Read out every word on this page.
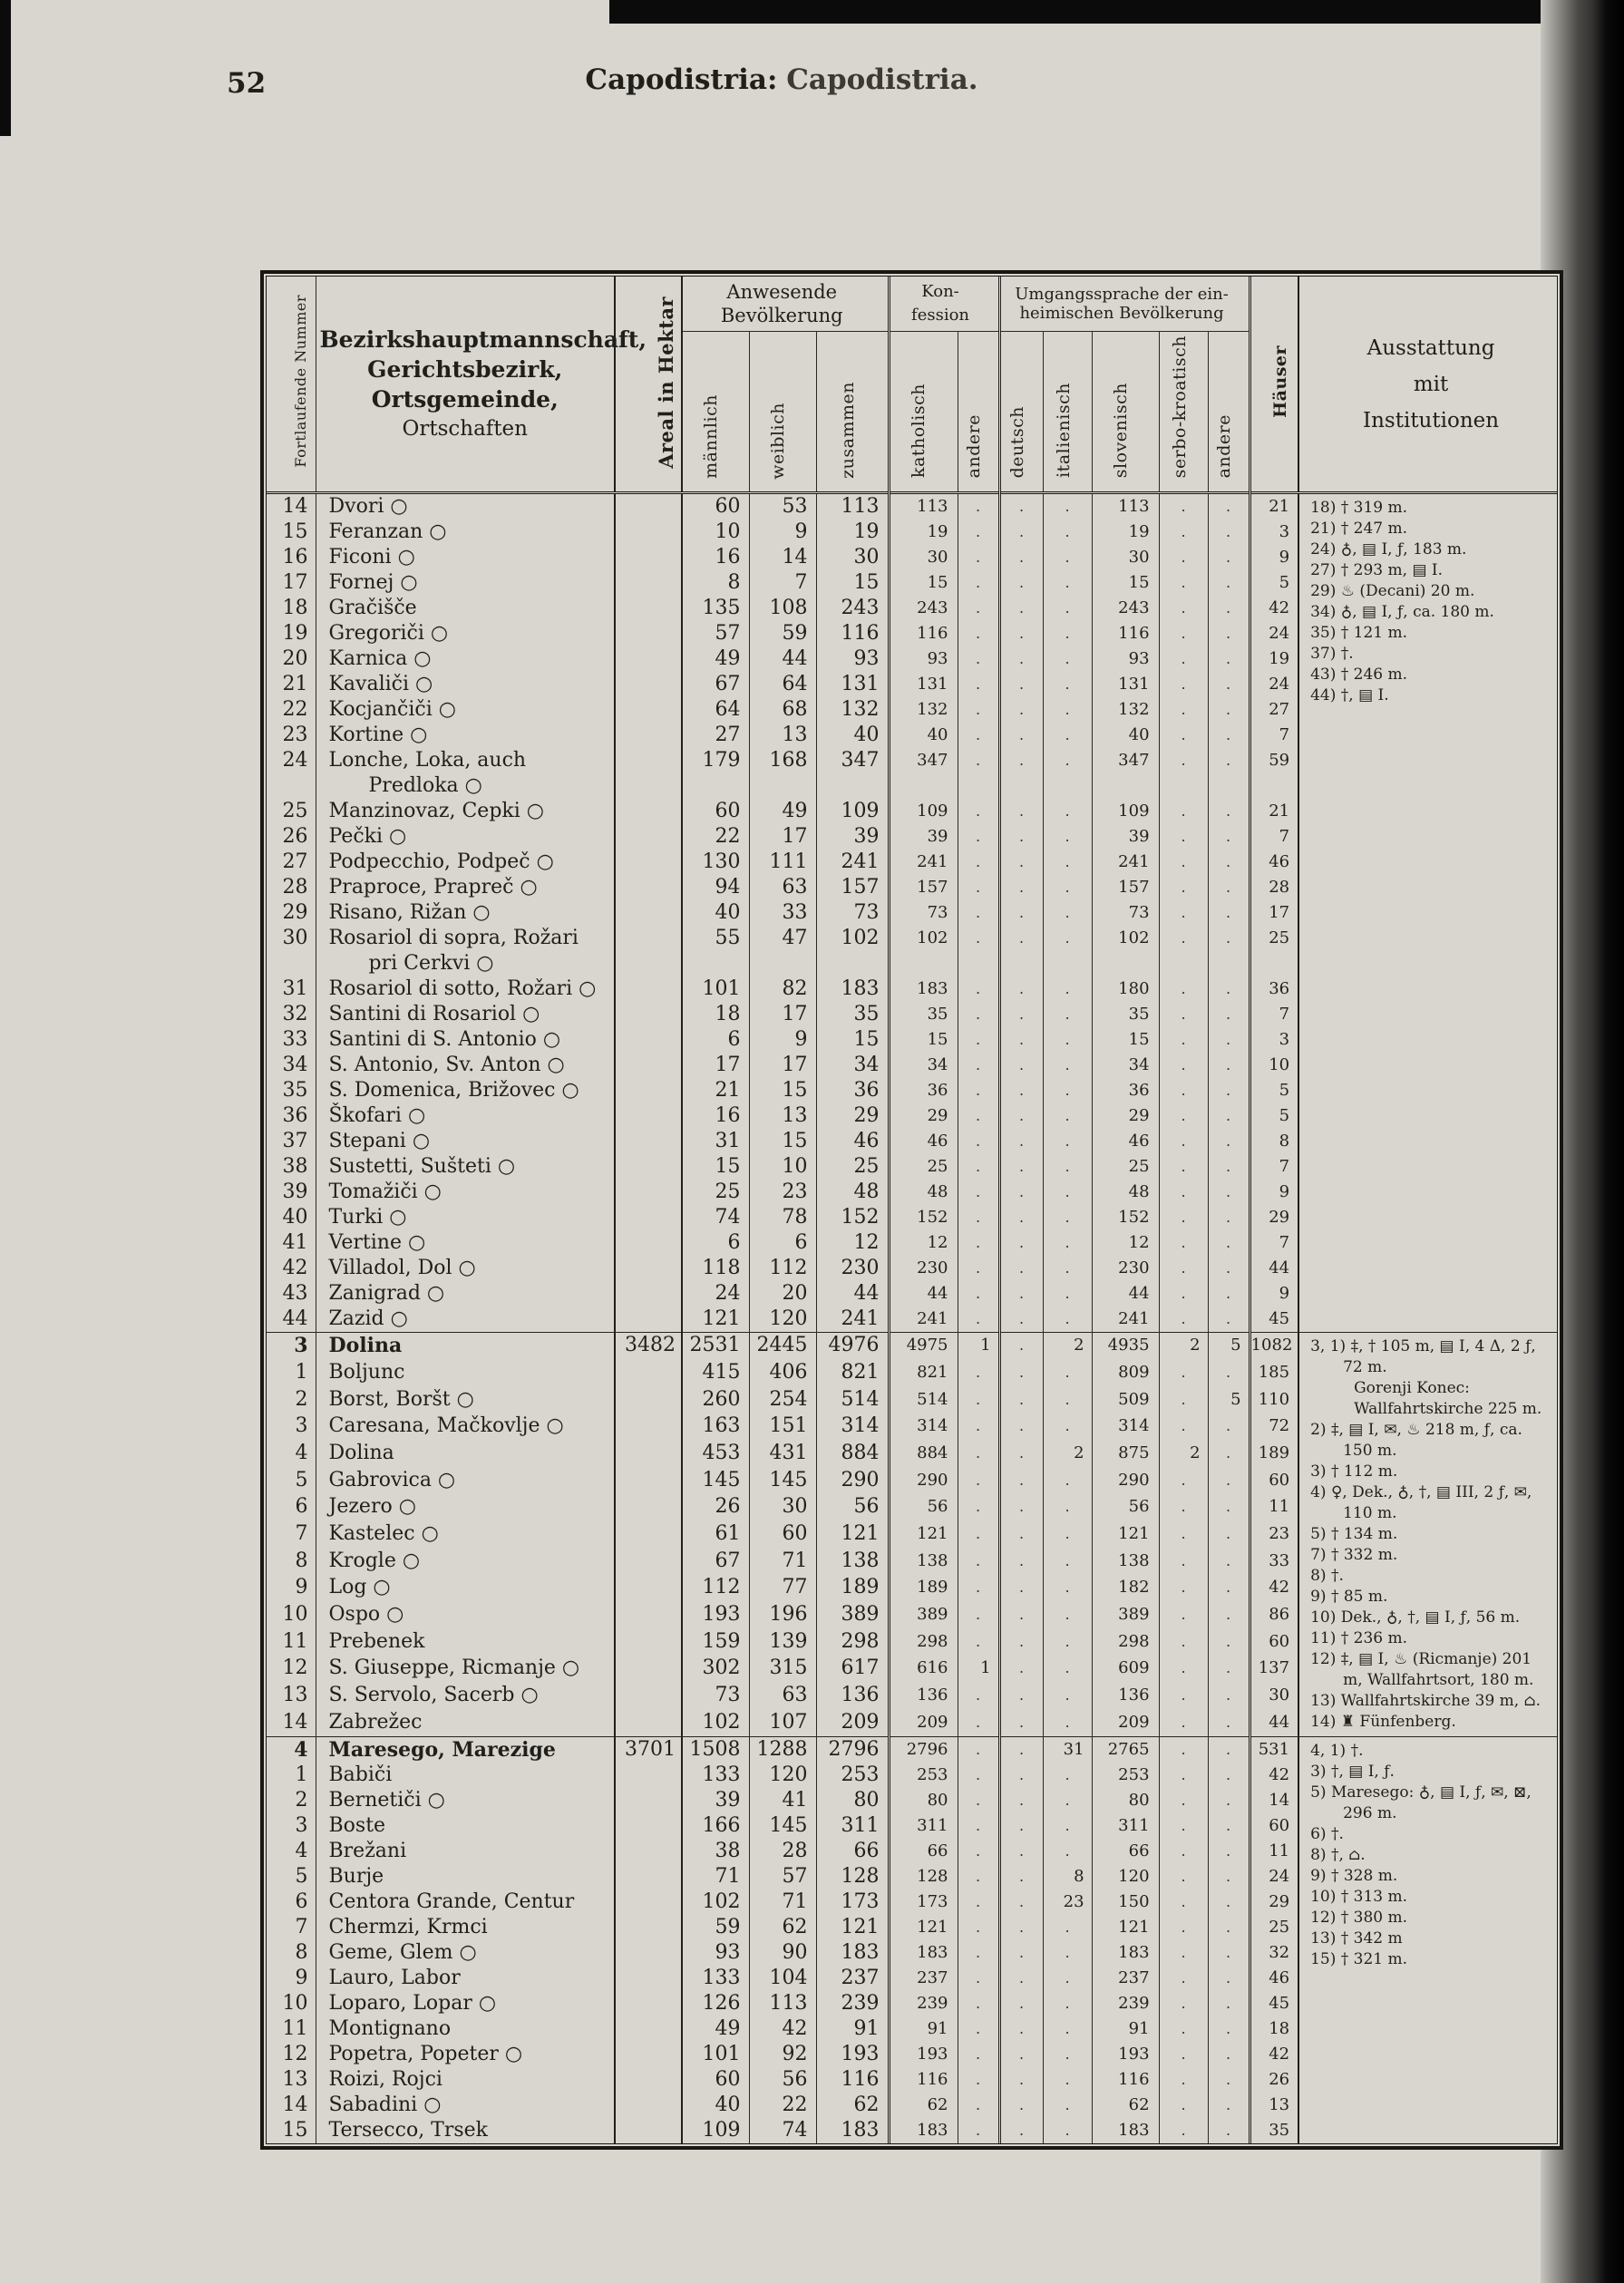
52	Capodistria: Capodistria.
Fortlaufende Nummer	Bezirkshauptmannschaft,
Gerichtsbezirk,
Ortsgemeinde,
Ortschaften	Areal in Hektar	
Anwesende
Bevölkerung

Kon-
fession

Umgangssprache der ein-
heimischen Bevölkerung
	Häuser	Ausstattung
mit
Institutionen

			männlich	weiblich	zusammen	katholisch	andere	deutsch	italienisch	slovenisch	serbo-kroatisch	andere		
14	Dvori ○		60	53	113	113	.	.	.	113	.	.	21	18) † 319 m.
21) † 247 m.
24) ♁, ▤ I, ƒ, 183 m.
27) † 293 m, ▤ I.
29) ♨ (Decani) 20 m.
34) ♁, ▤ I, ƒ, ca. 180 m.
35) † 121 m.
37) †.
43) † 246 m.
44) †, ▤ I.

15	Feranzan ○		10	9	19	19	.	.	.	19	.	.	3	
16	Ficoni ○		16	14	30	30	.	.	.	30	.	.	9	
17	Fornej ○		8	7	15	15	.	.	.	15	.	.	5	
18	Gračišče		135	108	243	243	.	.	.	243	.	.	42	
19	Gregoriči ○		57	59	116	116	.	.	.	116	.	.	24	
20	Karnica ○		49	44	93	93	.	.	.	93	.	.	19	
21	Kavaliči ○		67	64	131	131	.	.	.	131	.	.	24	
22	Kocjančiči ○		64	68	132	132	.	.	.	132	.	.	27	
23	Kortine ○		27	13	40	40	.	.	.	40	.	.	7	
24	Lonche, Loka, auch Predloka ○		179	168	347	347	.	.	.	347	.	.	59	
25	Manzinovaz, Cepki ○		60	49	109	109	.	.	.	109	.	.	21	
26	Pečki ○		22	17	39	39	.	.	.	39	.	.	7	
27	Podpecchio, Podpeč ○		130	111	241	241	.	.	.	241	.	.	46	
28	Praproce, Prapreč ○		94	63	157	157	.	.	.	157	.	.	28	
29	Risano, Rižan ○		40	33	73	73	.	.	.	73	.	.	17	
30	Rosariol di sopra, Rožari pri Cerkvi ○		55	47	102	102	.	.	.	102	.	.	25	
31	Rosariol di sotto, Rožari ○		101	82	183	183	.	.	.	180	.	.	36	
32	Santini di Rosariol ○		18	17	35	35	.	.	.	35	.	.	7	
33	Santini di S. Antonio ○		6	9	15	15	.	.	.	15	.	.	3	
34	S. Antonio, Sv. Anton ○		17	17	34	34	.	.	.	34	.	.	10	
35	S. Domenica, Brižovec ○		21	15	36	36	.	.	.	36	.	.	5	
36	Škofari ○		16	13	29	29	.	.	.	29	.	.	5	
37	Stepani ○		31	15	46	46	.	.	.	46	.	.	8	
38	Sustetti, Sušteti ○		15	10	25	25	.	.	.	25	.	.	7	
39	Tomažiči ○		25	23	48	48	.	.	.	48	.	.	9	
40	Turki ○		74	78	152	152	.	.	.	152	.	.	29	
41	Vertine ○		6	6	12	12	.	.	.	12	.	.	7	
42	Villadol, Dol ○		118	112	230	230	.	.	.	230	.	.	44	
43	Zanigrad ○		24	20	44	44	.	.	.	44	.	.	9	
44	Zazid ○		121	120	241	241	.	.	.	241	.	.	45	
3	Dolina	3482	2531	2445	4976	4975	1	.	2	4935	2	5	1082	3, 1) ‡, † 105 m, ▤ I, 4 Δ, 2 ƒ, 72 m.
Gorenji Konec: Wallfahrtskirche 225 m.
2) ‡, ▤ I, ✉, ♨ 218 m, ƒ, ca. 150 m.
3) † 112 m.
4) ♀, Dek., ♁, †, ▤ III, 2 ƒ, ✉, 110 m.
5) † 134 m.
7) † 332 m.
8) †.
9) † 85 m.
10) Dek., ♁, †, ▤ I, ƒ, 56 m.
11) † 236 m.
12) ‡, ▤ I, ♨ (Ricmanje) 201 m, Wallfahrtsort, 180 m.
13) Wallfahrtskirche 39 m, ⌂.
14) ♜ Fünfenberg.

1	Boljunc		415	406	821	821	.	.	.	809	.	.	185	
2	Borst, Boršt ○		260	254	514	514	.	.	.	509	.	5	110	
3	Caresana, Mačkovlje ○		163	151	314	314	.	.	.	314	.	.	72	
4	Dolina		453	431	884	884	.	.	2	875	2	.	189	
5	Gabrovica ○		145	145	290	290	.	.	.	290	.	.	60	
6	Jezero ○		26	30	56	56	.	.	.	56	.	.	11	
7	Kastelec ○		61	60	121	121	.	.	.	121	.	.	23	
8	Krogle ○		67	71	138	138	.	.	.	138	.	.	33	
9	Log ○		112	77	189	189	.	.	.	182	.	.	42	
10	Ospo ○		193	196	389	389	.	.	.	389	.	.	86	
11	Prebenek		159	139	298	298	.	.	.	298	.	.	60	
12	S. Giuseppe, Ricmanje ○		302	315	617	616	1	.	.	609	.	.	137	
13	S. Servolo, Sacerb ○		73	63	136	136	.	.	.	136	.	.	30	
14	Zabrežec		102	107	209	209	.	.	.	209	.	.	44	
4	Maresego, Marezige	3701	1508	1288	2796	2796	.	.	31	2765	.	.	531	4, 1) †.
3) †, ▤ I, ƒ.
5) Maresego: ♁, ▤ I, ƒ, ✉, ⊠, 296 m.
6) †.
8) †, ⌂.
9) † 328 m.
10) † 313 m.
12) † 380 m.
13) † 342 m
15) † 321 m.

1	Babiči		133	120	253	253	.	.	.	253	.	.	42	
2	Bernetiči ○		39	41	80	80	.	.	.	80	.	.	14	
3	Boste		166	145	311	311	.	.	.	311	.	.	60	
4	Brežani		38	28	66	66	.	.	.	66	.	.	11	
5	Burje		71	57	128	128	.	.	8	120	.	.	24	
6	Centora Grande, Centur		102	71	173	173	.	.	23	150	.	.	29	
7	Chermzi, Krmci		59	62	121	121	.	.	.	121	.	.	25	
8	Geme, Glem ○		93	90	183	183	.	.	.	183	.	.	32	
9	Lauro, Labor		133	104	237	237	.	.	.	237	.	.	46	
10	Loparo, Lopar ○		126	113	239	239	.	.	.	239	.	.	45	
11	Montignano		49	42	91	91	.	.	.	91	.	.	18	
12	Popetra, Popeter ○		101	92	193	193	.	.	.	193	.	.	42	
13	Roizi, Rojci		60	56	116	116	.	.	.	116	.	.	26	
14	Sabadini ○		40	22	62	62	.	.	.	62	.	.	13	
15	Tersecco, Trsek		109	74	183	183	.	.	.	183	.	.	35	
